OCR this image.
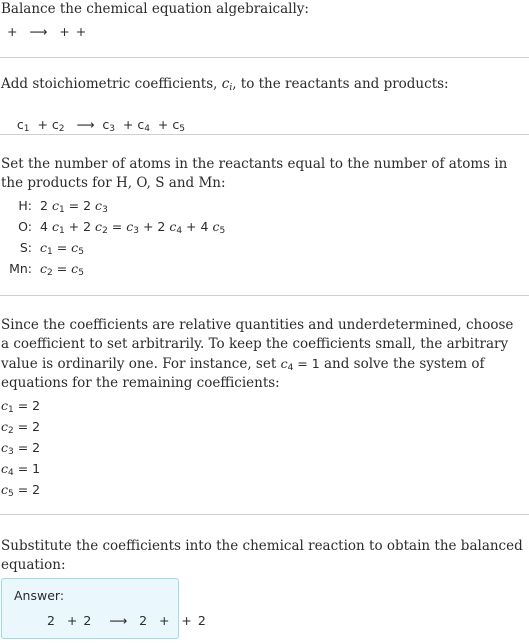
Balance the chemical equation algebraically:
+  ⟶  + +
Add stoichiometric coefficients, $c_i$, to the reactants and products:

$c_1 + c_2$   ⟶  $c_3 + c_4 + c_5$

Set the number of atoms in the reactants equal to the number of atoms in the products for H, O, S and Mn:
H: 2 $c_1 = 2$ $c_3$
O: 4 $c_1 + 2$ $c_2 = c_3 + 2$ $c_4 + 4$ $c_5$
S: $c_1 = c_5$
Mn: $c_2 = c_5$
Since the coefficients are relative quantities and underdetermined, choose a coefficient to set arbitrarily. To keep the coefficients small, the arbitrary value is ordinarily one. For instance, set $c_4 = 1$ and solve the system of equations for the remaining coefficients:
$c_1 = 2$
$c_2 = 2$
$c_3 = 2$
$c_4 = 1$
$c_5 = 2$
Substitute the coefficients into the chemical reaction to obtain the balanced equation:
Answer:
2  + 2   ⟶  2  +  + 2
